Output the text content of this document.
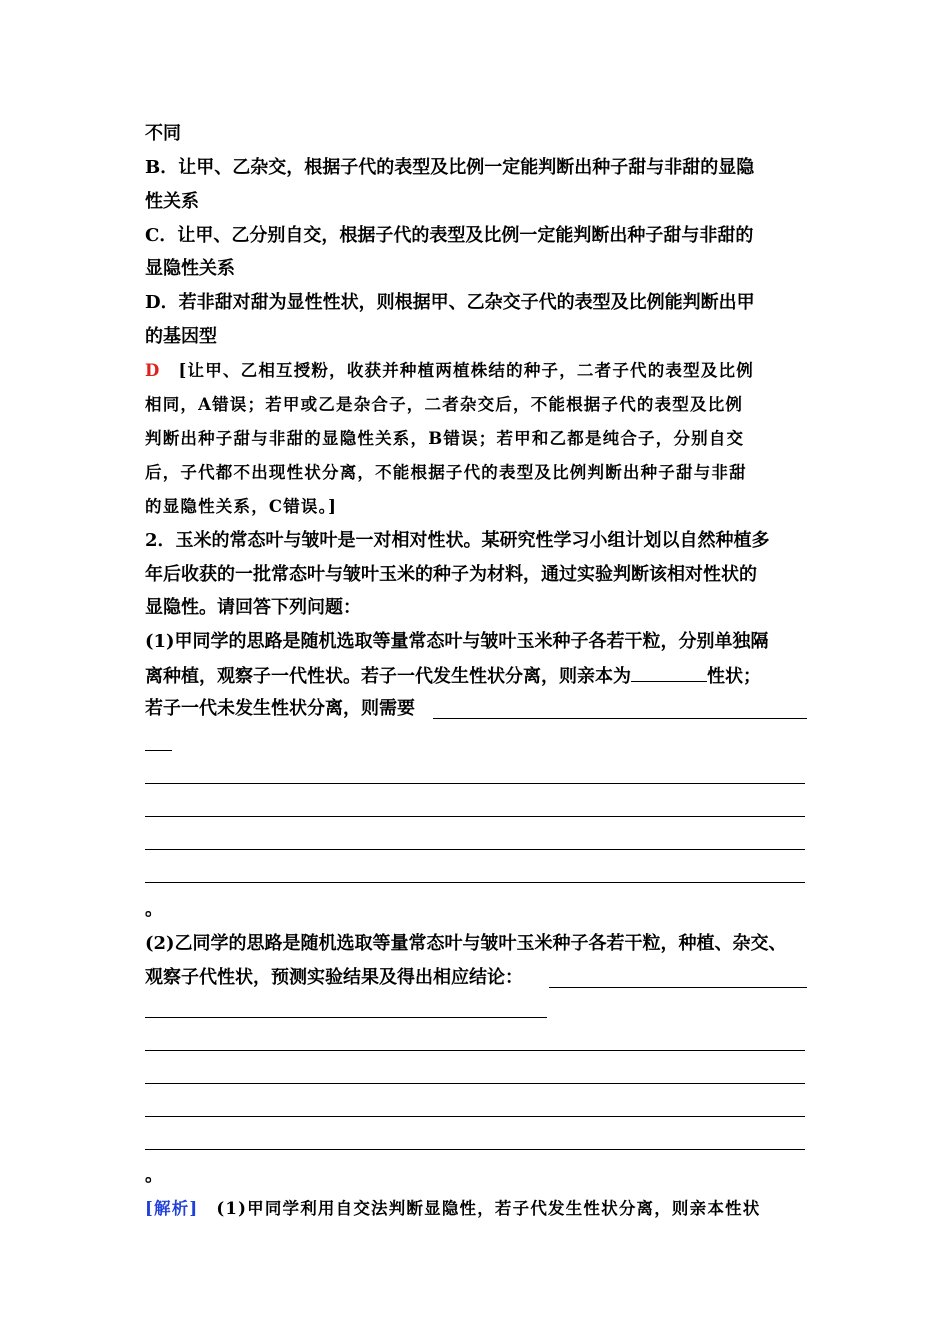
不同
B．让甲、乙杂交，根据子代的表型及比例一定能判断出种子甜与非甜的显隐
性关系
C．让甲、乙分别自交，根据子代的表型及比例一定能判断出种子甜与非甜的
显隐性关系
D．若非甜对甜为显性性状，则根据甲、乙杂交子代的表型及比例能判断出甲
的基因型
D [让甲、乙相互授粉，收获并种植两植株结的种子，二者子代的表型及比例
相同，A错误；若甲或乙是杂合子，二者杂交后，不能根据子代的表型及比例
判断出种子甜与非甜的显隐性关系，B错误；若甲和乙都是纯合子，分别自交
后，子代都不出现性状分离，不能根据子代的表型及比例判断出种子甜与非甜
的显隐性关系，C错误。]
2．玉米的常态叶与皱叶是一对相对性状。某研究性学习小组计划以自然种植多
年后收获的一批常态叶与皱叶玉米的种子为材料，通过实验判断该相对性状的
显隐性。请回答下列问题：
(1)甲同学的思路是随机选取等量常态叶与皱叶玉米种子各若干粒，分别单独隔
离种植，观察子一代性状。若子一代发生性状分离，则亲本为	性状；
若子一代未发生性状分离，则需要
。
(2)乙同学的思路是随机选取等量常态叶与皱叶玉米种子各若干粒，种植、杂交、
观察子代性状，预测实验结果及得出相应结论：
。
[解析] (1)甲同学利用自交法判断显隐性，若子代发生性状分离，则亲本性状
